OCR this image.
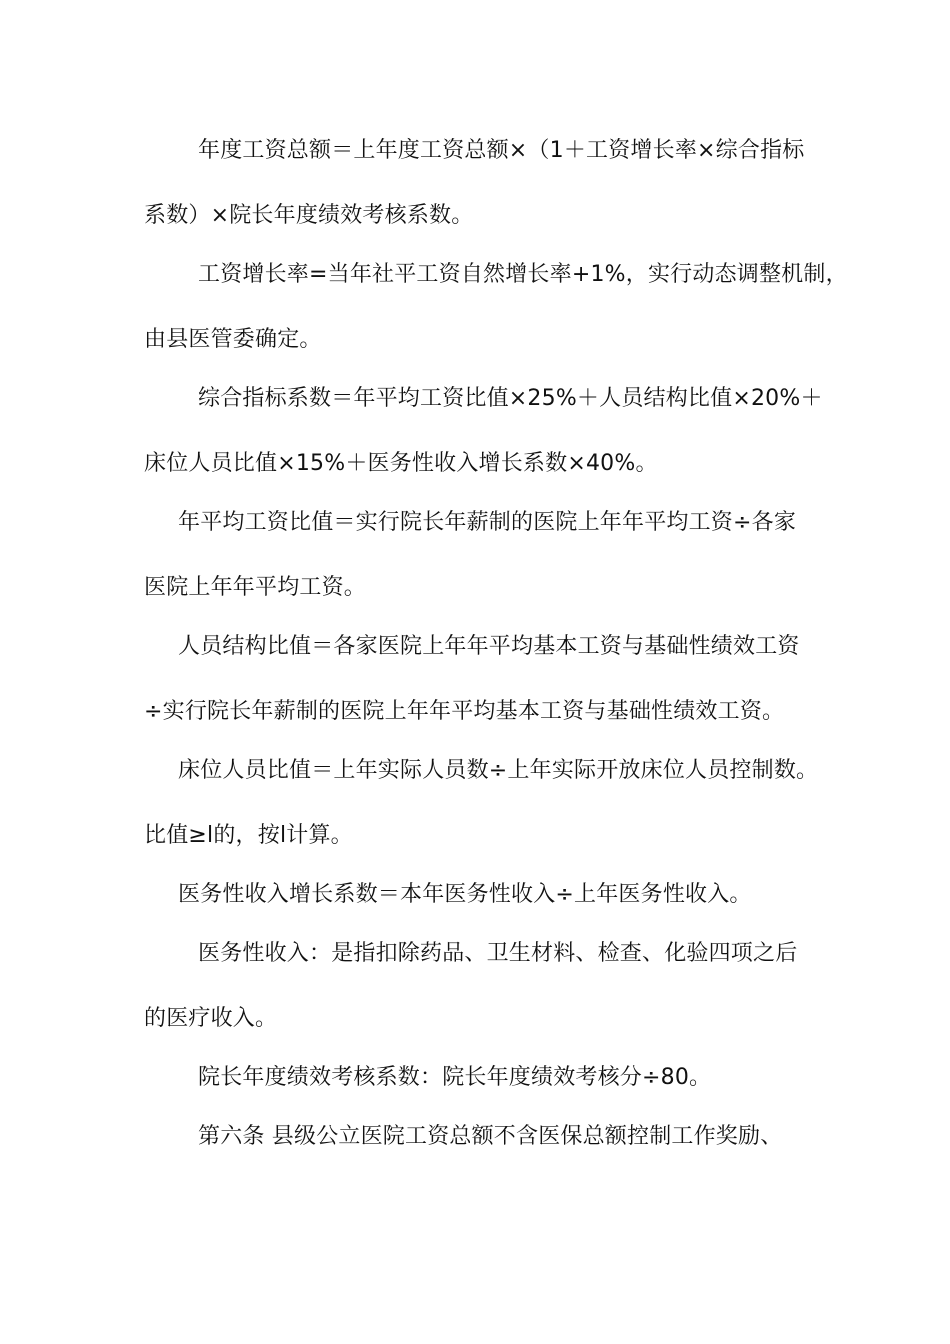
年度工资总额＝上年度工资总额×（1＋工资增长率×综合指标
系数）×院长年度绩效考核系数。
工资增长率=当年社平工资自然增长率+1%，实行动态调整机制，
由县医管委确定。
综合指标系数＝年平均工资比值×25%＋人员结构比值×20%＋
床位人员比值×15%＋医务性收入增长系数×40%。
年平均工资比值＝实行院长年薪制的医院上年年平均工资÷各家
医院上年年平均工资。
人员结构比值＝各家医院上年年平均基本工资与基础性绩效工资
÷实行院长年薪制的医院上年年平均基本工资与基础性绩效工资。
床位人员比值＝上年实际人员数÷上年实际开放床位人员控制数。
比值≥l的，按l计算。
医务性收入增长系数＝本年医务性收入÷上年医务性收入。
医务性收入：是指扣除药品、卫生材料、检查、化验四项之后
的医疗收入。
院长年度绩效考核系数：院长年度绩效考核分÷80。
第六条 县级公立医院工资总额不含医保总额控制工作奖励、
